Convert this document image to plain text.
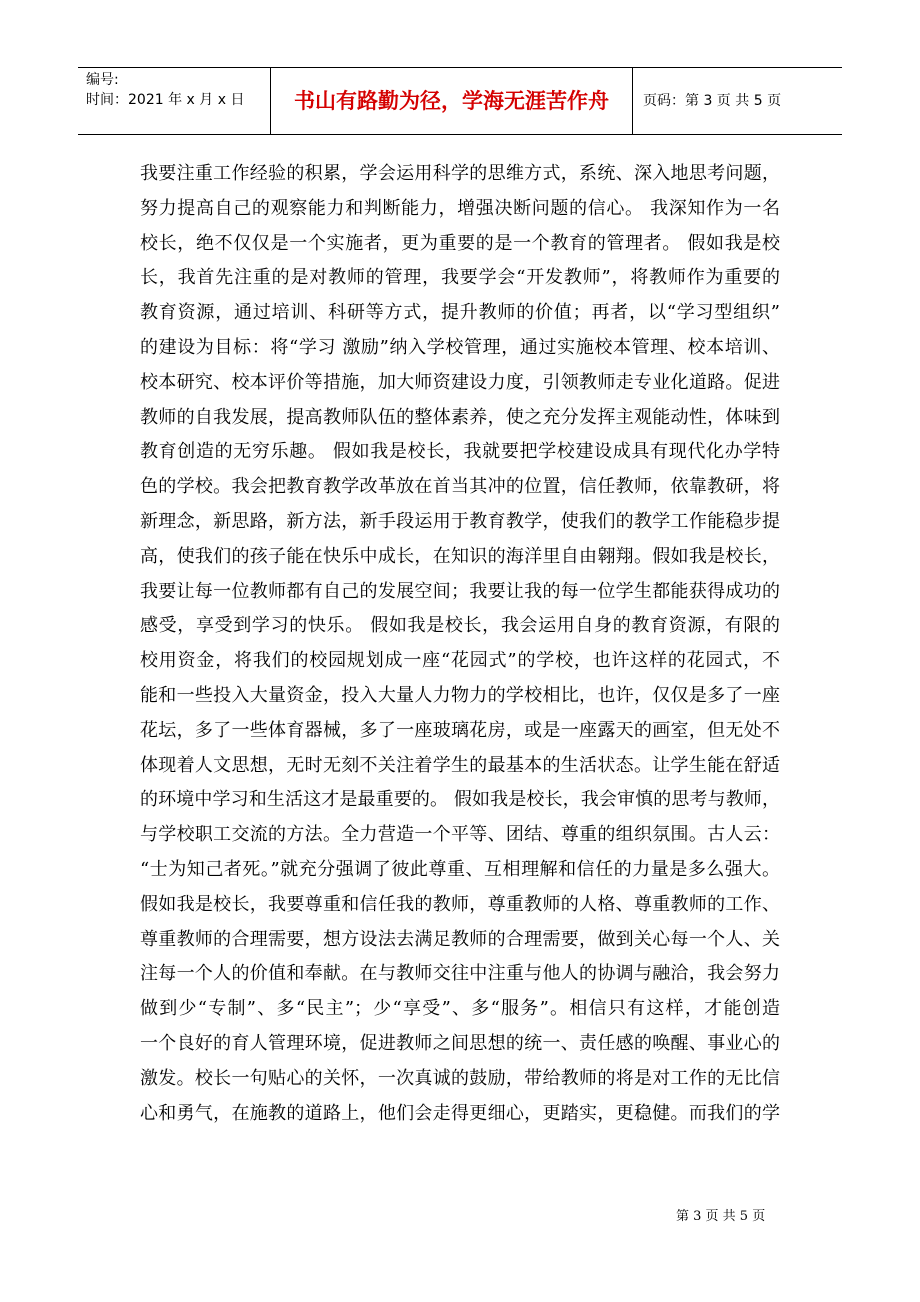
编号:
时间：2021 年 x 月 x 日	书山有路勤为径，学海无涯苦作舟	页码：第 3 页 共 5 页
我要注重工作经验的积累，学会运用科学的思维方式，系统、深入地思考问题，
努力提高自己的观察能力和判断能力，增强决断问题的信心。 我深知作为一名
校长，绝不仅仅是一个实施者，更为重要的是一个教育的管理者。 假如我是校
长，我首先注重的是对教师的管理，我要学会“开发教师”，将教师作为重要的
教育资源，通过培训、科研等方式，提升教师的价值；再者，以“学习型组织”
的建设为目标：将“学习 激励”纳入学校管理，通过实施校本管理、校本培训、
校本研究、校本评价等措施，加大师资建设力度，引领教师走专业化道路。促进
教师的自我发展，提高教师队伍的整体素养，使之充分发挥主观能动性，体味到
教育创造的无穷乐趣。 假如我是校长，我就要把学校建设成具有现代化办学特
色的学校。我会把教育教学改革放在首当其冲的位置，信任教师，依靠教研，将
新理念，新思路，新方法，新手段运用于教育教学，使我们的教学工作能稳步提
高，使我们的孩子能在快乐中成长，在知识的海洋里自由翱翔。假如我是校长，
我要让每一位教师都有自己的发展空间；我要让我的每一位学生都能获得成功的
感受，享受到学习的快乐。 假如我是校长，我会运用自身的教育资源，有限的
校用资金，将我们的校园规划成一座“花园式”的学校，也许这样的花园式，不
能和一些投入大量资金，投入大量人力物力的学校相比，也许，仅仅是多了一座
花坛，多了一些体育器械，多了一座玻璃花房，或是一座露天的画室，但无处不
体现着人文思想，无时无刻不关注着学生的最基本的生活状态。让学生能在舒适
的环境中学习和生活这才是最重要的。 假如我是校长，我会审慎的思考与教师，
与学校职工交流的方法。全力营造一个平等、团结、尊重的组织氛围。古人云：
“士为知己者死。”就充分强调了彼此尊重、互相理解和信任的力量是多么强大。
假如我是校长，我要尊重和信任我的教师，尊重教师的人格、尊重教师的工作、
尊重教师的合理需要，想方设法去满足教师的合理需要，做到关心每一个人、关
注每一个人的价值和奉献。在与教师交往中注重与他人的协调与融洽，我会努力
做到少“专制”、多“民主”；少“享受”、多“服务”。相信只有这样，才能创造
一个良好的育人管理环境，促进教师之间思想的统一、责任感的唤醒、事业心的
激发。校长一句贴心的关怀，一次真诚的鼓励，带给教师的将是对工作的无比信
心和勇气，在施教的道路上，他们会走得更细心，更踏实，更稳健。而我们的学
第 3 页 共 5 页
